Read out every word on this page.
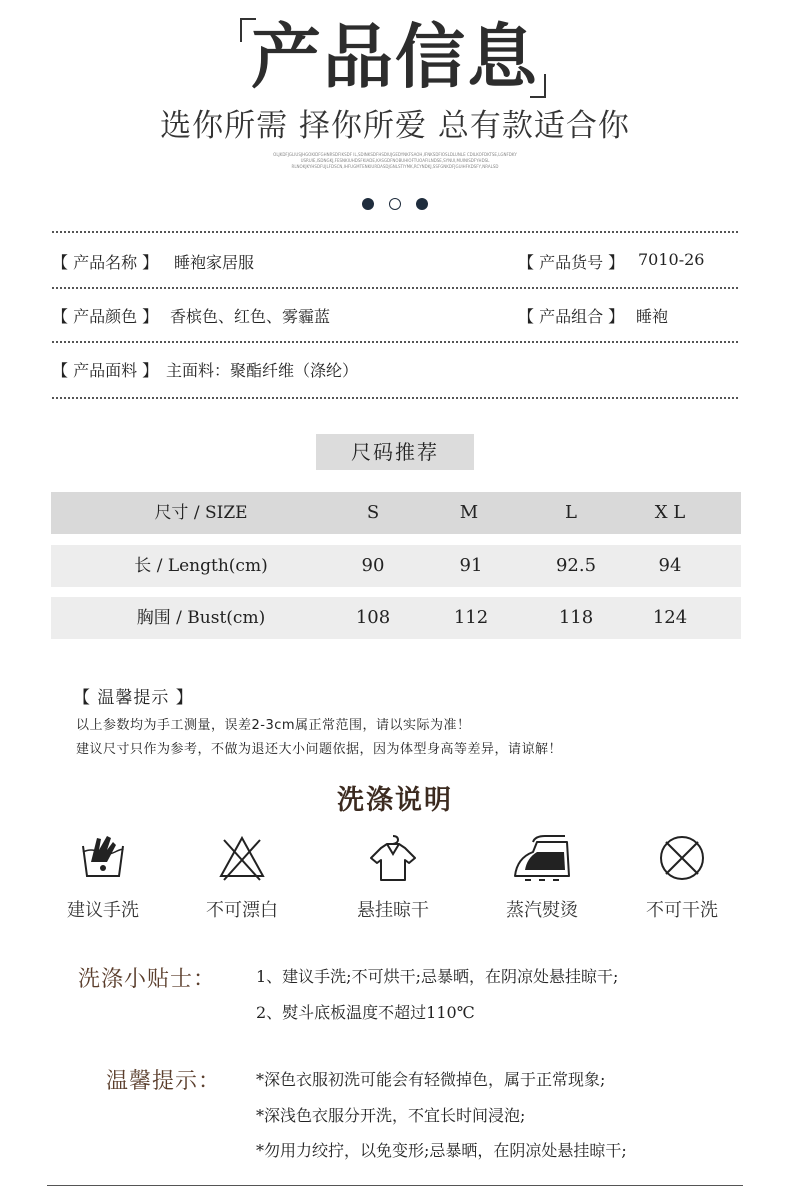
产品信息
选你所需 择你所爱 总有款适合你
OLJKDFJGLIUSJHGOKIDFGHNRSDFIKSDF IL,SDINKSDFHSDIUJGEDYNKFSAOH,IFNKSDFIOSLDLUNLE CDILKOFDKTSE,LGNFDKY
USRUIE,ISDNGKJ,FESNKIUHDSFKIADE,KASGDFNOBUHIOFTUOAFILNDSE,SYNUI,MUINISDFYHDSL
RLNOKJKYHSDFUJLFDSCN,IHFUGMTENKIURDASDJGNLSTIYMK,RCYNDKJ,SSFGNKDFJGUIHFKDSFY,NRALSD

【 产品名称 】 睡袍家居服	【 产品货号 】 7010-26
【 产品颜色 】 香槟色、红色、雾霾蓝	【 产品组合 】 睡袍
【 产品面料 】 主面料：聚酯纤维（涤纶）
尺码推荐
尺寸 / SIZE	S	M	L	X L
长 / Length(cm)	90	91	92.5	94
胸围 / Bust(cm)	108	112	118	124
【 温馨提示 】
以上参数均为手工测量，误差2-3cm属正常范围，请以实际为准！
建议尺寸只作为参考，不做为退还大小问题依据，因为体型身高等差异，请谅解！
洗涤说明
建议手洗	不可漂白	悬挂晾干	蒸汽熨烫	不可干洗
洗涤小贴士： 1、建议手洗;不可烘干;忌暴晒，在阴凉处悬挂晾干;
2、熨斗底板温度不超过110℃
温馨提示： *深色衣服初洗可能会有轻微掉色，属于正常现象;
*深浅色衣服分开洗，不宜长时间浸泡;
*勿用力绞拧，以免变形;忌暴晒，在阴凉处悬挂晾干;
